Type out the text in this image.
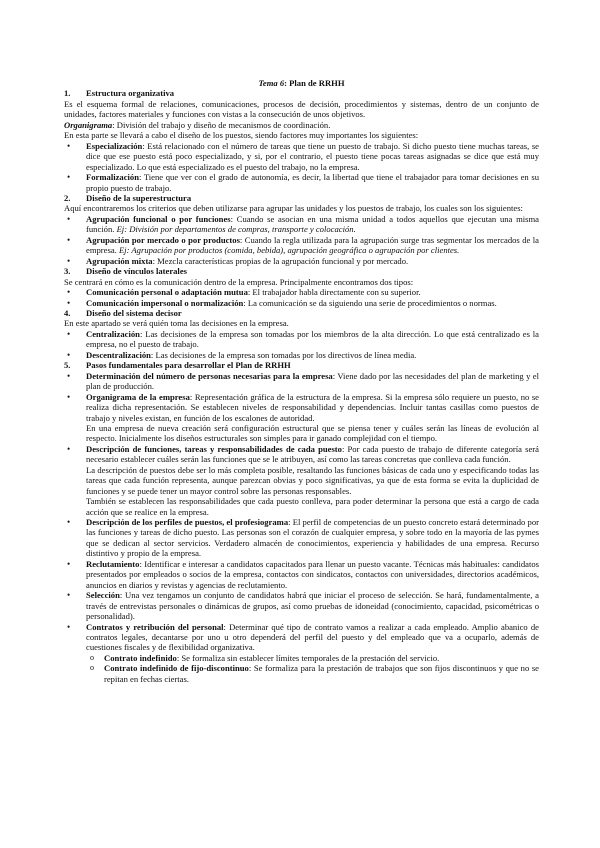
Tema 6: Plan de RRHH
1.	Estructura organizativa

Es el esquema formal de relaciones, comunicaciones, procesos de decisión, procedimientos y sistemas, dentro de un conjunto de unidades, factores materiales y funciones con vistas a la consecución de unos objetivos.

Organigrama: División del trabajo y diseño de mecanismos de coordinación.

En esta parte se llevará a cabo el diseño de los puestos, siendo factores muy importantes los siguientes:

• Especialización: Está relacionado con el número de tareas que tiene un puesto de trabajo. Si dicho puesto tiene muchas tareas, se dice que ese puesto está poco especializado, y si, por el contrario, el puesto tiene pocas tareas asignadas se dice que está muy especializado. Lo que está especializado es el puesto del trabajo, no la empresa.
• Formalización: Tiene que ver con el grado de autonomía, es decir, la libertad que tiene el trabajador para tomar decisiones en su propio puesto de trabajo.
2.	Diseño de la superestructura

Aquí encontraremos los criterios que deben utilizarse para agrupar las unidades y los puestos de trabajo, los cuales son los siguientes:

• Agrupación funcional o por funciones: Cuando se asocian en una misma unidad a todos aquellos que ejecutan una misma función. Ej: División por departamentos de compras, transporte y colocación.
• Agrupación por mercado o por productos: Cuando la regla utilizada para la agrupación surge tras segmentar los mercados de la empresa. Ej: Agrupación por productos (comida, bebida), agrupación geográfica o agrupación por clientes.
• Agrupación mixta: Mezcla características propias de la agrupación funcional y por mercado.
3.	Diseño de vínculos laterales

Se centrará en cómo es la comunicación dentro de la empresa. Principalmente encontramos dos tipos:

• Comunicación personal o adaptación mutua: El trabajador habla directamente con su superior.
• Comunicación impersonal o normalización: La comunicación se da siguiendo una serie de procedimientos o normas.
4.	Diseño del sistema decisor

En este apartado se verá quién toma las decisiones en la empresa.

• Centralización: Las decisiones de la empresa son tomadas por los miembros de la alta dirección. Lo que está centralizado es la empresa, no el puesto de trabajo.
• Descentralización: Las decisiones de la empresa son tomadas por los directivos de línea media.
5.	Pasos fundamentales para desarrollar el Plan de RRHH
• Determinación del número de personas necesarias para la empresa: Viene dado por las necesidades del plan de marketing y el plan de producción.
• Organigrama de la empresa: Representación gráfica de la estructura de la empresa. Si la empresa sólo requiere un puesto, no se realiza dicha representación. Se establecen niveles de responsabilidad y dependencias. Incluir tantas casillas como puestos de trabajo y niveles existan, en función de los escalones de autoridad.

En una empresa de nueva creación será configuración estructural que se piensa tener y cuáles serán las líneas de evolución al respecto. Inicialmente los diseños estructurales son simples para ir ganado complejidad con el tiempo.

• Descripción de funciones, tareas y responsabilidades de cada puesto: Por cada puesto de trabajo de diferente categoría será necesario establecer cuáles serán las funciones que se le atribuyen, así como las tareas concretas que conlleva cada función.

La descripción de puestos debe ser lo más completa posible, resaltando las funciones básicas de cada uno y especificando todas las tareas que cada función representa, aunque parezcan obvias y poco significativas, ya que de esta forma se evita la duplicidad de funciones y se puede tener un mayor control sobre las personas responsables.

También se establecen las responsabilidades que cada puesto conlleva, para poder determinar la persona que está a cargo de cada acción que se realice en la empresa.

• Descripción de los perfiles de puestos, el profesiograma: El perfil de competencias de un puesto concreto estará determinado por las funciones y tareas de dicho puesto. Las personas son el corazón de cualquier empresa, y sobre todo en la mayoría de las pymes que se dedican al sector servicios. Verdadero almacén de conocimientos, experiencia y habilidades de una empresa. Recurso distintivo y propio de la empresa.
• Reclutamiento: Identificar e interesar a candidatos capacitados para llenar un puesto vacante. Técnicas más habituales: candidatos presentados por empleados o socios de la empresa, contactos con sindicatos, contactos con universidades, directorios académicos, anuncios en diarios y revistas y agencias de reclutamiento.
• Selección: Una vez tengamos un conjunto de candidatos habrá que iniciar el proceso de selección. Se hará, fundamentalmente, a través de entrevistas personales o dinámicas de grupos, así como pruebas de idoneidad (conocimiento, capacidad, psicométricas o personalidad).
• Contratos y retribución del personal: Determinar qué tipo de contrato vamos a realizar a cada empleado. Amplio abanico de contratos legales, decantarse por uno u otro dependerá del perfil del puesto y del empleado que va a ocuparlo, además de cuestiones fiscales y de flexibilidad organizativa.
o Contrato indefinido: Se formaliza sin establecer límites temporales de la prestación del servicio.
o Contrato indefinido de fijo-discontinuo: Se formaliza para la prestación de trabajos que son fijos discontinuos y que no se repitan en fechas ciertas.
